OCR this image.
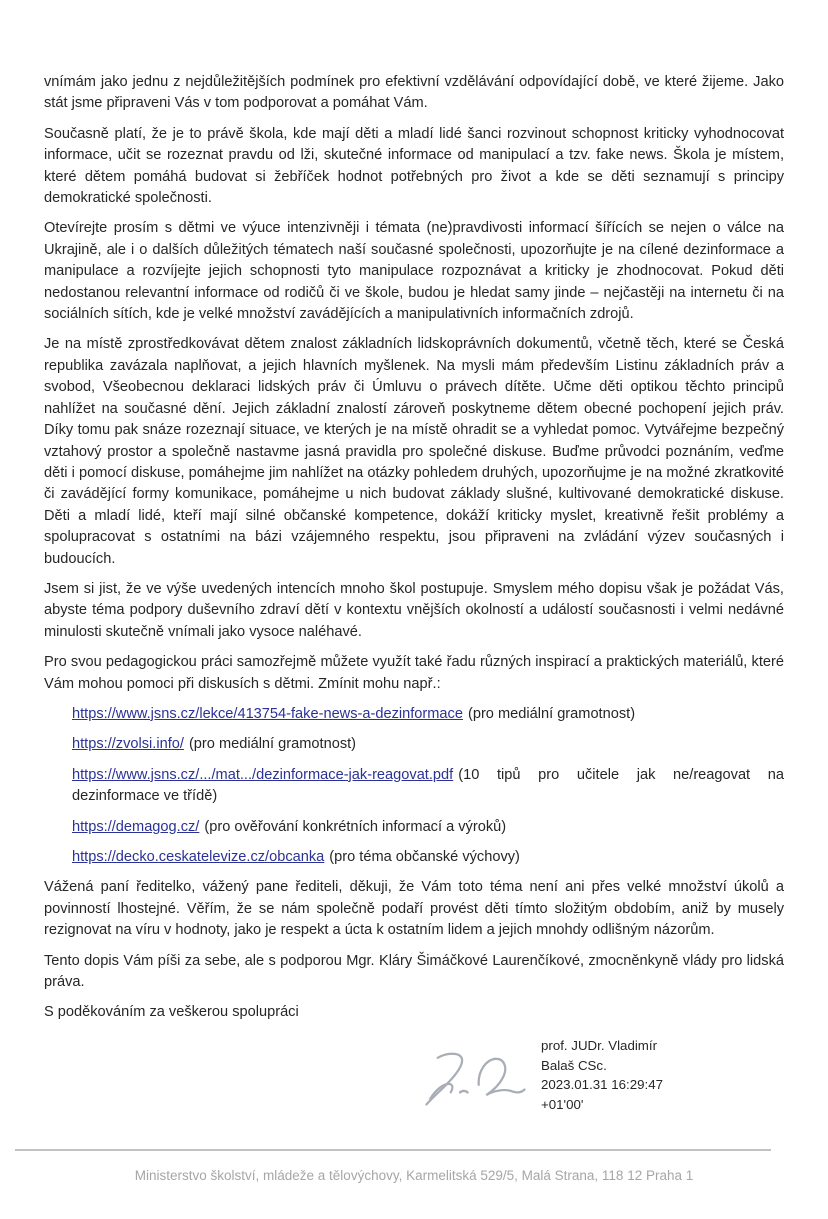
vnímám jako jednu z nejdůležitějších podmínek pro efektivní vzdělávání odpovídající době, ve které žijeme. Jako stát jsme připraveni Vás v tom podporovat a pomáhat Vám.

Současně platí, že je to právě škola, kde mají děti a mladí lidé šanci rozvinout schopnost kriticky vyhodnocovat informace, učit se rozeznat pravdu od lži, skutečné informace od manipulací a tzv. fake news. Škola je místem, které dětem pomáhá budovat si žebříček hodnot potřebných pro život a kde se děti seznamují s principy demokratické společnosti.

Otevírejte prosím s dětmi ve výuce intenzivněji i témata (ne)pravdivosti informací šířících se nejen o válce na Ukrajině, ale i o dalších důležitých tématech naší současné společnosti, upozorňujte je na cílené dezinformace a manipulace a rozvíjejte jejich schopnosti tyto manipulace rozpoznávat a kriticky je zhodnocovat. Pokud děti nedostanou relevantní informace od rodičů či ve škole, budou je hledat samy jinde – nejčastěji na internetu či na sociálních sítích, kde je velké množství zavádějících a manipulativních informačních zdrojů.

Je na místě zprostředkovávat dětem znalost základních lidskoprávních dokumentů, včetně těch, které se Česká republika zavázala naplňovat, a jejich hlavních myšlenek. Na mysli mám především Listinu základních práv a svobod, Všeobecnou deklaraci lidských práv či Úmluvu o právech dítěte. Učme děti optikou těchto principů nahlížet na současné dění. Jejich základní znalostí zároveň poskytneme dětem obecné pochopení jejich práv. Díky tomu pak snáze rozeznají situace, ve kterých je na místě ohradit se a vyhledat pomoc. Vytvářejme bezpečný vztahový prostor a společně nastavme jasná pravidla pro společné diskuse. Buďme průvodci poznáním, veďme děti i pomocí diskuse, pomáhejme jim nahlížet na otázky pohledem druhých, upozorňujme je na možné zkratkovité či zavádějící formy komunikace, pomáhejme u nich budovat základy slušné, kultivované demokratické diskuse. Děti a mladí lidé, kteří mají silné občanské kompetence, dokáží kriticky myslet, kreativně řešit problémy a spolupracovat s ostatními na bázi vzájemného respektu, jsou připraveni na zvládání výzev současných i budoucích.

Jsem si jist, že ve výše uvedených intencích mnoho škol postupuje. Smyslem mého dopisu však je požádat Vás, abyste téma podpory duševního zdraví dětí v kontextu vnějších okolností a událostí současnosti i velmi nedávné minulosti skutečně vnímali jako vysoce naléhavé.

Pro svou pedagogickou práci samozřejmě můžete využít také řadu různých inspirací a praktických materiálů, které Vám mohou pomoci při diskusích s dětmi. Zmínit mohu např.:

https://www.jsns.cz/lekce/413754-fake-news-a-dezinformace (pro mediální gramotnost)

https://zvolsi.info/ (pro mediální gramotnost)

https://www.jsns.cz/.../mat.../dezinformace-jak-reagovat.pdf (10 tipů pro učitele jak ne/reagovat na dezinformace ve třídě)

https://demagog.cz/ (pro ověřování konkrétních informací a výroků)

https://decko.ceskatelevize.cz/obcanka (pro téma občanské výchovy)

Vážená paní ředitelko, vážený pane řediteli, děkuji, že Vám toto téma není ani přes velké množství úkolů a povinností lhostejné. Věřím, že se nám společně podaří provést děti tímto složitým obdobím, aniž by musely rezignovat na víru v hodnoty, jako je respekt a úcta k ostatním lidem a jejich mnohdy odlišným názorům.

Tento dopis Vám píši za sebe, ale s podporou Mgr. Kláry Šimáčkové Laurenčíkové, zmocněnkyně vlády pro lidská práva.

S poděkováním za veškerou spolupráci

prof. JUDr. Vladimír
Balaš CSc.
2023.01.31 16:29:47
+01'00'
Ministerstvo školství, mládeže a tělovýchovy, Karmelitská 529/5, Malá Strana, 118 12 Praha 1
